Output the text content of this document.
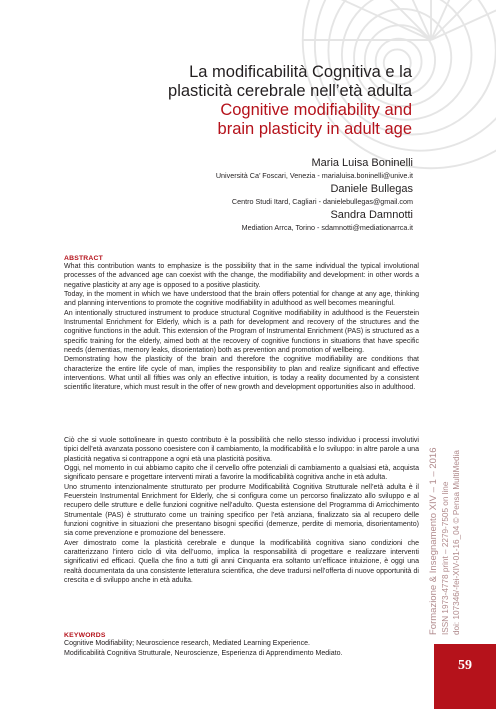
La modificabilità Cognitiva e la
plasticità cerebrale nell’età adulta
Cognitive modifiability and
brain plasticity in adult age
Maria Luisa Boninelli
Università Ca’ Foscari, Venezia - marialuisa.boninelli@unive.it
Daniele Bullegas
Centro Studi Itard, Cagliari - danielebullegas@gmail.com
Sandra Damnotti
Mediation Arrca, Torino - sdamnotti@mediationarrca.it
ABSTRACT

What this contribution wants to emphasize is the possibility that in the same individual the typical involutional processes of the advanced age can coexist with the change, the modifiability and development: in other words a negative plasticity at any age is opposed to a positive plasticity.

Today, in the moment in which we have understood that the brain offers potential for change at any age, thinking and planning interventions to promote the cognitive modifiability in adulthood as well becomes meaningful.

An intentionally structured instrument to produce structural Cognitive modifiability in adulthood is the Feuerstein Instrumental Enrichment for Elderly, which is a path for development and recovery of the structures and the cognitive functions in the adult. This extension of the Program of Instrumental Enrichment (PAS) is structured as a specific training for the elderly, aimed both at the recovery of cognitive functions in situations that have specific needs (dementias, memory leaks, disorientation) both as prevention and promotion of wellbeing.

Demonstrating how the plasticity of the brain and therefore the cognitive modifiability are conditions that characterize the entire life cycle of man, implies the responsibility to plan and realize significant and effective interventions. What until all fifties was only an effective intuition, is today a reality documented by a consistent scientific literature, which must result in the offer of new growth and development opportunities also in adulthood.

Ciò che si vuole sottolineare in questo contributo è la possibilità che nello stesso individuo i processi involutivi tipici dell’età avanzata possono coesistere con il cambiamento, la modificabilità e lo sviluppo: in altre parole a una plasticità negativa si contrappone a ogni età una plasticità positiva.

Oggi, nel momento in cui abbiamo capito che il cervello offre potenziali di cambiamento a qualsiasi età, acquista significato pensare e progettare interventi mirati a favorire la modificabilità cognitiva anche in età adulta.

Uno strumento intenzionalmente strutturato per produrre Modificabilità Cognitiva Strutturale nell’età adulta è il Feuerstein Instrumental Enrichment for Elderly, che si configura come un percorso finalizzato allo sviluppo e al recupero delle strutture e delle funzioni cognitive nell’adulto. Questa estensione del Programma di Arricchimento Strumentale (PAS) è strutturato come un training specifico per l’età anziana, finalizzato sia al recupero delle funzioni cognitive in situazioni che presentano bisogni specifici (demenze, perdite di memoria, disorientamento) sia come prevenzione e promozione del benessere.

Aver dimostrato come la plasticità cerebrale e dunque la modificabilità cognitiva siano condizioni che caratterizzano l’intero ciclo di vita dell’uomo, implica la responsabilità di progettare e realizzare interventi significativi ed efficaci. Quella che fino a tutti gli anni Cinquanta era soltanto un’efficace intuizione, è oggi una realtà documentata da una consistente letteratura scientifica, che deve tradursi nell’offerta di nuove opportunità di crescita e di sviluppo anche in età adulta.

KEYWORDS
Cognitive Modifiability; Neuroscience research, Mediated Learning Experience.
Modificabilità Cognitiva Strutturale, Neuroscienze, Esperienza di Apprendimento Mediato.
Formazione & Insegnamento XIV – 1 – 2016 ISSN 1973-4778 print – 2279-7505 on line doi: 107346/-fei-XIV-01-16_04 © Pensa MultiMedia
59
